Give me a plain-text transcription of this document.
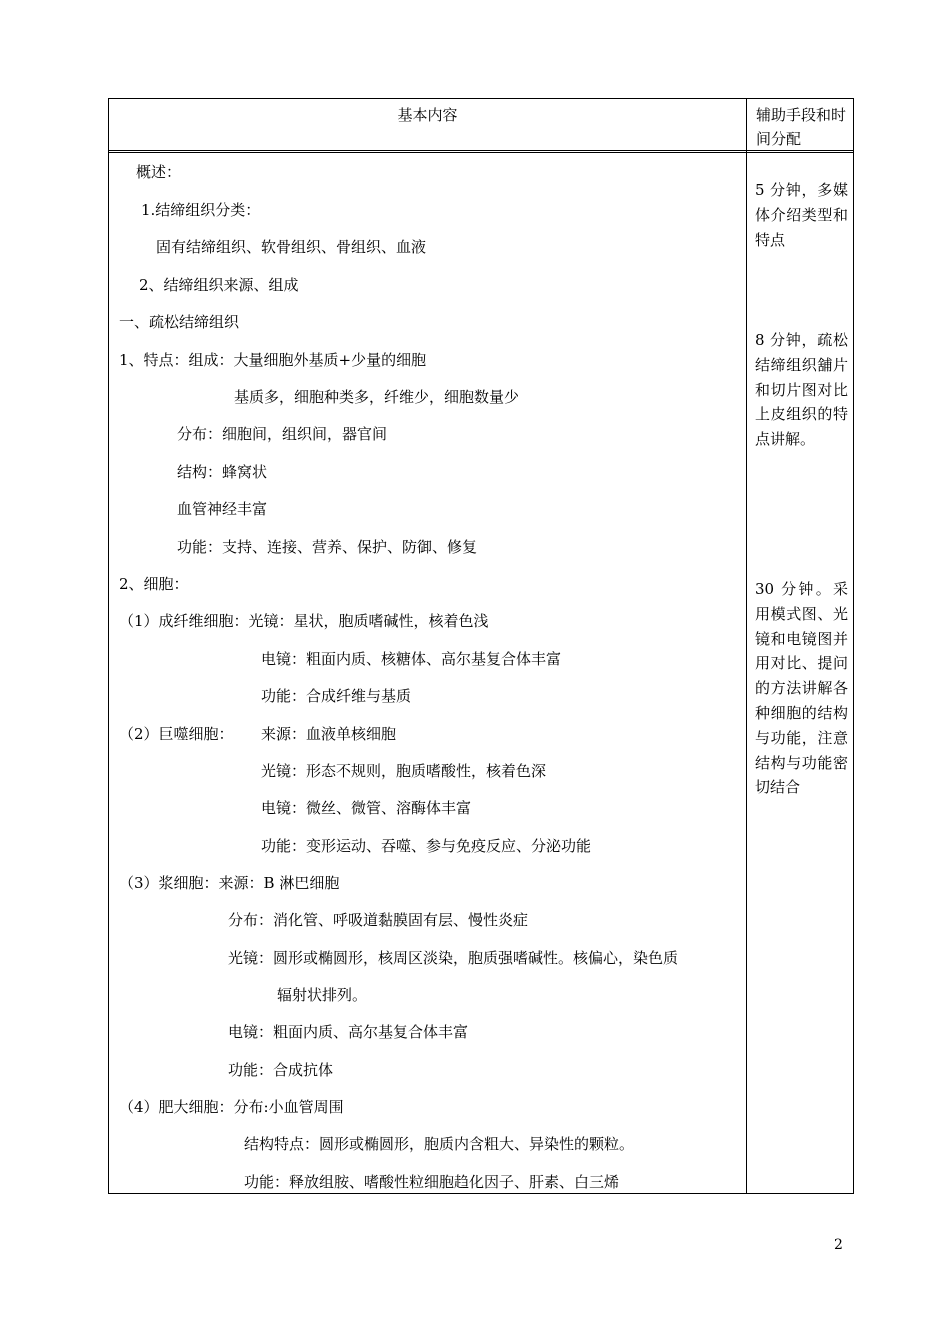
基本内容	辅助手段和时间分配
概述：
1.结缔组织分类：
固有结缔组织、软骨组织、骨组织、血液
2、结缔组织来源、组成
一、疏松结缔组织
1、特点：组成：大量细胞外基质+少量的细胞
基质多，细胞种类多，纤维少，细胞数量少
分布：细胞间，组织间，器官间
结构：蜂窝状
血管神经丰富
功能：支持、连接、营养、保护、防御、修复
2、细胞：
（1）成纤维细胞：光镜：星状，胞质嗜碱性，核着色浅
电镜：粗面内质、核糖体、高尔基复合体丰富
功能：合成纤维与基质
（2）巨噬细胞： 来源：血液单核细胞
光镜：形态不规则，胞质嗜酸性，核着色深
电镜：微丝、微管、溶酶体丰富
功能：变形运动、吞噬、参与免疫反应、分泌功能
（3）浆细胞：来源：B 淋巴细胞
分布：消化管、呼吸道黏膜固有层、慢性炎症
光镜：圆形或椭圆形，核周区淡染，胞质强嗜碱性。核偏心，染色质
辐射状排列。
电镜：粗面内质、高尔基复合体丰富
功能：合成抗体
（4）肥大细胞：分布:小血管周围
结构特点：圆形或椭圆形，胞质内含粗大、异染性的颗粒。
功能：释放组胺、嗜酸性粒细胞趋化因子、肝素、白三烯
5 分钟，多媒体介绍类型和特点
8 分钟，疏松结缔组织舖片和切片图对比上皮组织的特点讲解。
30 分钟。采用模式图、光镜和电镜图并用对比、提问的方法讲解各种细胞的结构与功能，注意结构与功能密切结合
2
